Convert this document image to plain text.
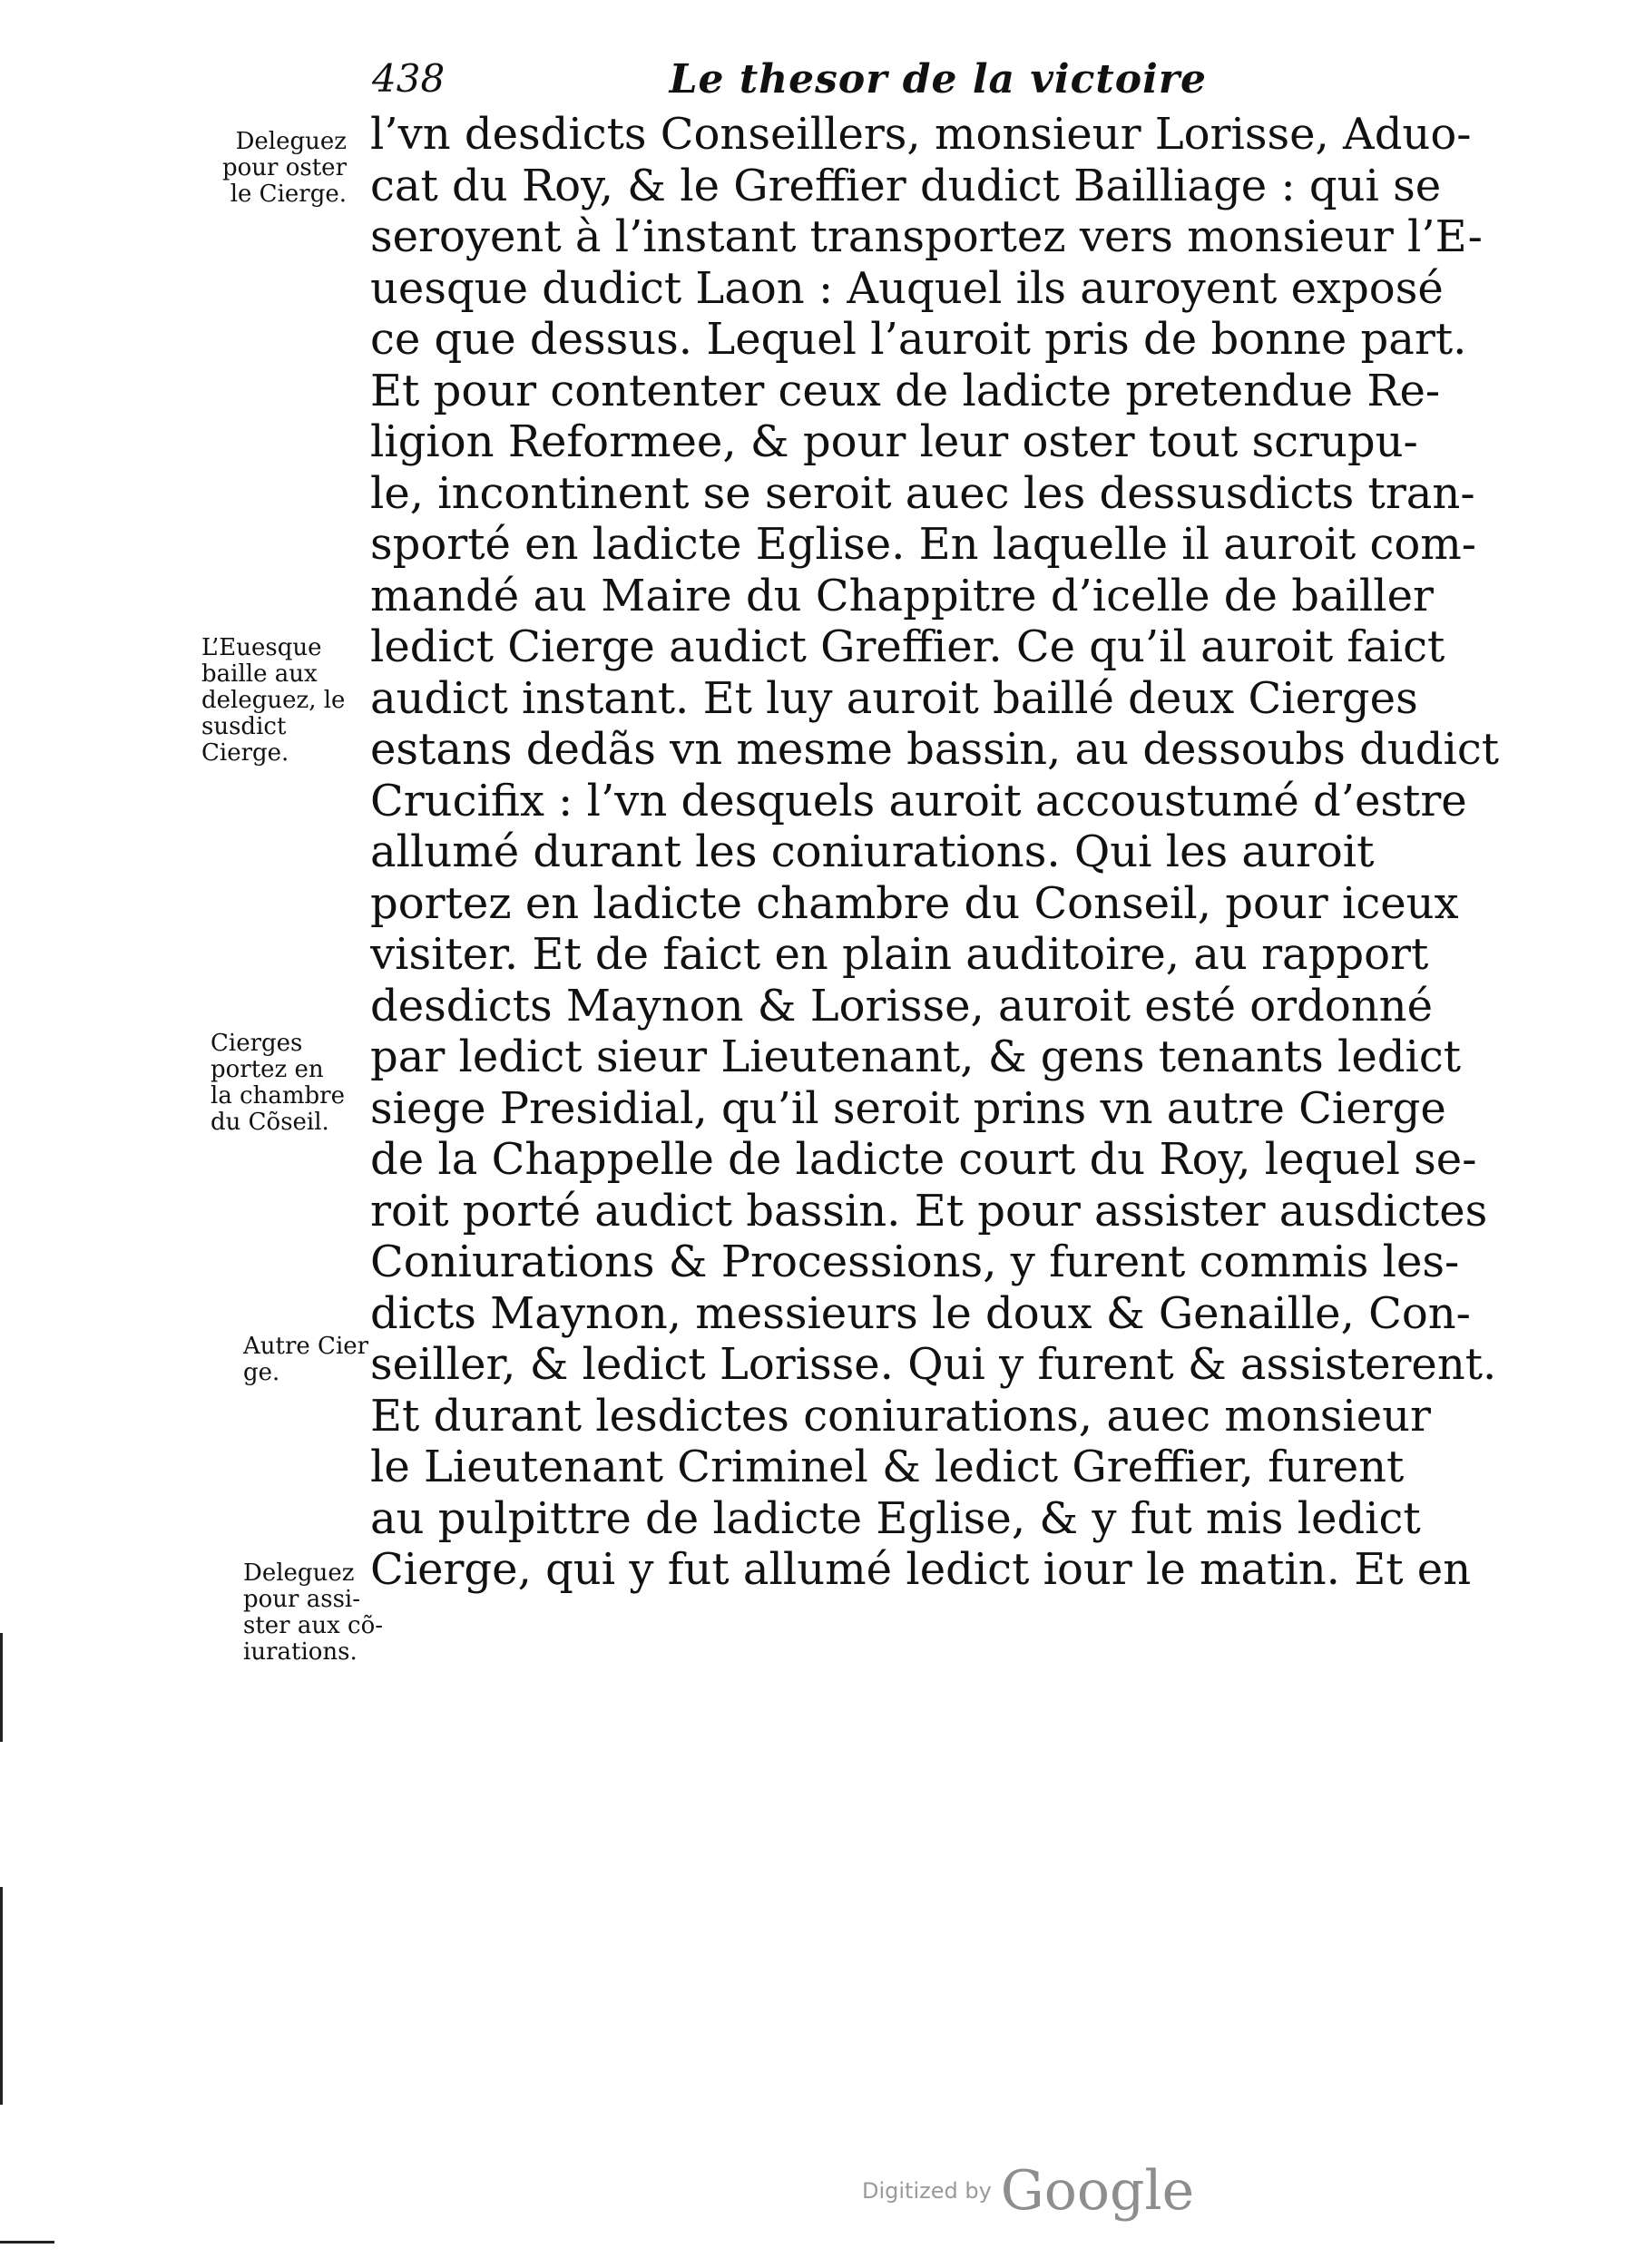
438	Le thesor de la victoire
Deleguez
pour oster
le Cierge.
L’Euesque
baille aux
deleguez, le
susdict
Cierge.
Cierges
portez en
la chambre
du Cõseil.
Autre Cier
ge.
Deleguez
pour assi-
ster aux cõ-
iurations.
l’vn desdicts Conseillers, monsieur Lorisse, Aduo-
cat du Roy, & le Greffier dudict Bailliage : qui se
seroyent à l’instant transportez vers monsieur l’E-
uesque dudict Laon : Auquel ils auroyent exposé
ce que dessus. Lequel l’auroit pris de bonne part.
Et pour contenter ceux de ladicte pretendue Re-
ligion Reformee, & pour leur oster tout scrupu-
le, incontinent se seroit auec les dessusdicts tran-
sporté en ladicte Eglise. En laquelle il auroit com-
mandé au Maire du Chappitre d’icelle de bailler
ledict Cierge audict Greffier. Ce qu’il auroit faict
audict instant. Et luy auroit baillé deux Cierges
estans dedãs vn mesme bassin, au dessoubs dudict
Crucifix : l’vn desquels auroit accoustumé d’estre
allumé durant les coniurations. Qui les auroit
portez en ladicte chambre du Conseil, pour iceux
visiter. Et de faict en plain auditoire, au rapport
desdicts Maynon & Lorisse, auroit esté ordonné
par ledict sieur Lieutenant, & gens tenants ledict
siege Presidial, qu’il seroit prins vn autre Cierge
de la Chappelle de ladicte court du Roy, lequel se-
roit porté audict bassin. Et pour assister ausdictes
Coniurations & Processions, y furent commis les-
dicts Maynon, messieurs le doux & Genaille, Con-
seiller, & ledict Lorisse. Qui y furent & assisterent.
Et durant lesdictes coniurations, auec monsieur
le Lieutenant Criminel & ledict Greffier, furent
au pulpittre de ladicte Eglise, & y fut mis ledict
Cierge, qui y fut allumé ledict iour le matin. Et en
Digitized by Google
